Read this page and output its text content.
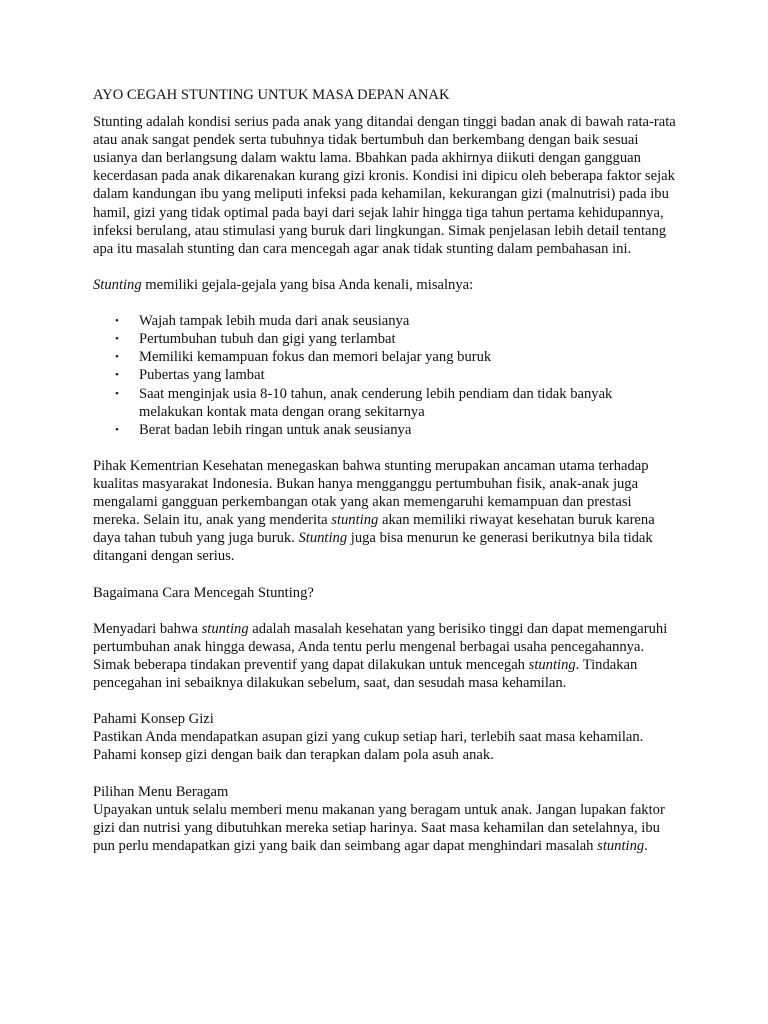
AYO CEGAH STUNTING UNTUK MASA DEPAN ANAK

Stunting adalah kondisi serius pada anak yang ditandai dengan tinggi badan anak di bawah rata-rata atau anak sangat pendek serta tubuhnya tidak bertumbuh dan berkembang dengan baik sesuai usianya dan berlangsung dalam waktu lama. Bbahkan pada akhirnya diikuti dengan gangguan kecerdasan pada anak dikarenakan kurang gizi kronis. Kondisi ini dipicu oleh beberapa faktor sejak dalam kandungan ibu yang meliputi infeksi pada kehamilan, kekurangan gizi (malnutrisi) pada ibu hamil, gizi yang tidak optimal pada bayi dari sejak lahir hingga tiga tahun pertama kehidupannya, infeksi berulang, atau stimulasi yang buruk dari lingkungan. Simak penjelasan lebih detail tentang apa itu masalah stunting dan cara mencegah agar anak tidak stunting dalam pembahasan ini.

Stunting memiliki gejala-gejala yang bisa Anda kenali, misalnya:

• Wajah tampak lebih muda dari anak seusianya
• Pertumbuhan tubuh dan gigi yang terlambat
• Memiliki kemampuan fokus dan memori belajar yang buruk
• Pubertas yang lambat
• Saat menginjak usia 8-10 tahun, anak cenderung lebih pendiam dan tidak banyak melakukan kontak mata dengan orang sekitarnya
• Berat badan lebih ringan untuk anak seusianya

Pihak Kementrian Kesehatan menegaskan bahwa stunting merupakan ancaman utama terhadap kualitas masyarakat Indonesia. Bukan hanya mengganggu pertumbuhan fisik, anak-anak juga mengalami gangguan perkembangan otak yang akan memengaruhi kemampuan dan prestasi mereka. Selain itu, anak yang menderita stunting akan memiliki riwayat kesehatan buruk karena daya tahan tubuh yang juga buruk. Stunting juga bisa menurun ke generasi berikutnya bila tidak ditangani dengan serius.

Bagaimana Cara Mencegah Stunting?

Menyadari bahwa stunting adalah masalah kesehatan yang berisiko tinggi dan dapat memengaruhi pertumbuhan anak hingga dewasa, Anda tentu perlu mengenal berbagai usaha pencegahannya. Simak beberapa tindakan preventif yang dapat dilakukan untuk mencegah stunting. Tindakan pencegahan ini sebaiknya dilakukan sebelum, saat, dan sesudah masa kehamilan.

Pahami Konsep Gizi
Pastikan Anda mendapatkan asupan gizi yang cukup setiap hari, terlebih saat masa kehamilan. Pahami konsep gizi dengan baik dan terapkan dalam pola asuh anak.

Pilihan Menu Beragam
Upayakan untuk selalu memberi menu makanan yang beragam untuk anak. Jangan lupakan faktor gizi dan nutrisi yang dibutuhkan mereka setiap harinya. Saat masa kehamilan dan setelahnya, ibu pun perlu mendapatkan gizi yang baik dan seimbang agar dapat menghindari masalah stunting.
